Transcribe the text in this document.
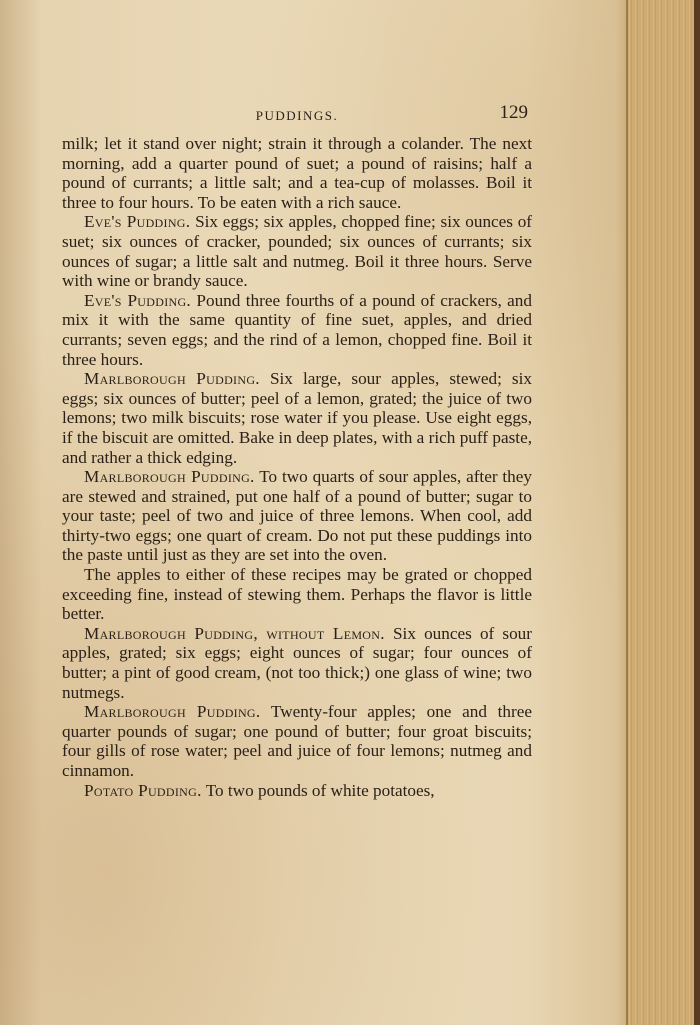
PUDDINGS.	129

milk; let it stand over night; strain it through a colander. The next morning, add a quarter pound of suet; a pound of raisins; half a pound of currants; a little salt; and a tea-cup of molasses. Boil it three to four hours. To be eaten with a rich sauce.

Eve's Pudding. Six eggs; six apples, chopped fine; six ounces of suet; six ounces of cracker, pounded; six ounces of currants; six ounces of sugar; a little salt and nutmeg. Boil it three hours. Serve with wine or brandy sauce.

Eve's Pudding. Pound three fourths of a pound of crackers, and mix it with the same quantity of fine suet, apples, and dried currants; seven eggs; and the rind of a lemon, chopped fine. Boil it three hours.

Marlborough Pudding. Six large, sour apples, stewed; six eggs; six ounces of butter; peel of a lemon, grated; the juice of two lemons; two milk biscuits; rose water if you please. Use eight eggs, if the biscuit are omitted. Bake in deep plates, with a rich puff paste, and rather a thick edging.

Marlborough Pudding. To two quarts of sour apples, after they are stewed and strained, put one half of a pound of butter; sugar to your taste; peel of two and juice of three lemons. When cool, add thirty-two eggs; one quart of cream. Do not put these puddings into the paste until just as they are set into the oven.

The apples to either of these recipes may be grated or chopped exceeding fine, instead of stewing them. Perhaps the flavor is little better.

Marlborough Pudding, without Lemon. Six ounces of sour apples, grated; six eggs; eight ounces of sugar; four ounces of butter; a pint of good cream, (not too thick;) one glass of wine; two nutmegs.

Marlborough Pudding. Twenty-four apples; one and three quarter pounds of sugar; one pound of butter; four groat biscuits; four gills of rose water; peel and juice of four lemons; nutmeg and cinnamon.

Potato Pudding. To two pounds of white potatoes,
